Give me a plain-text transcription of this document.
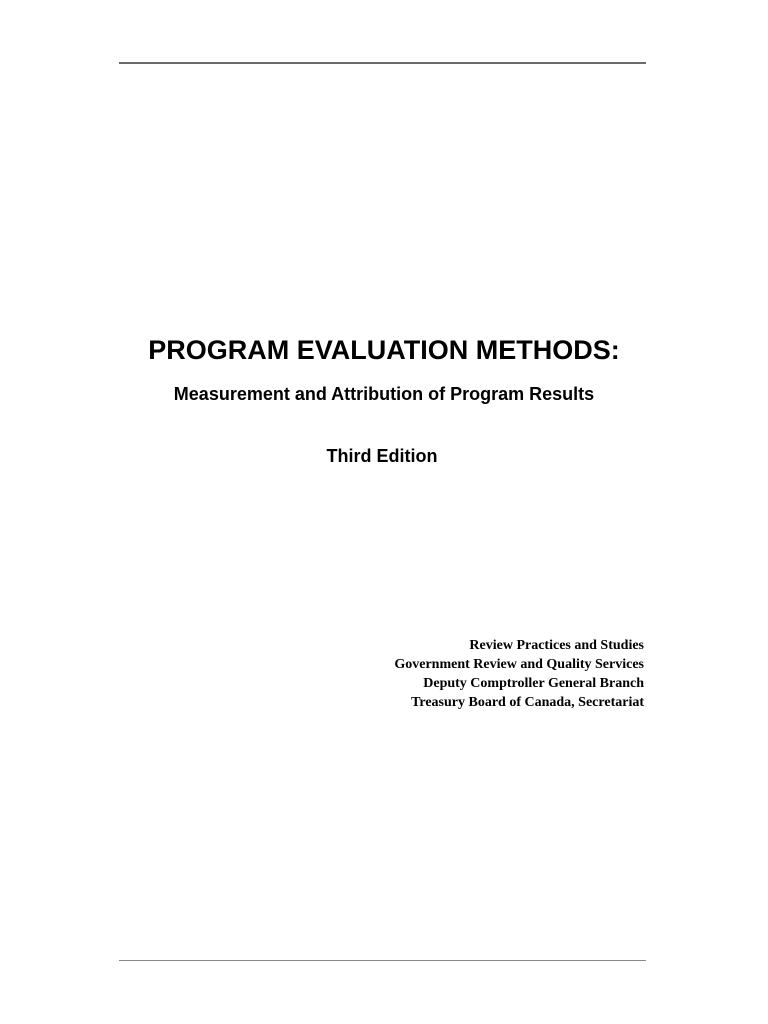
PROGRAM EVALUATION METHODS:
Measurement and Attribution of Program Results
Third Edition
Review Practices and Studies
Government Review and Quality Services
Deputy Comptroller General Branch
Treasury Board of Canada, Secretariat
